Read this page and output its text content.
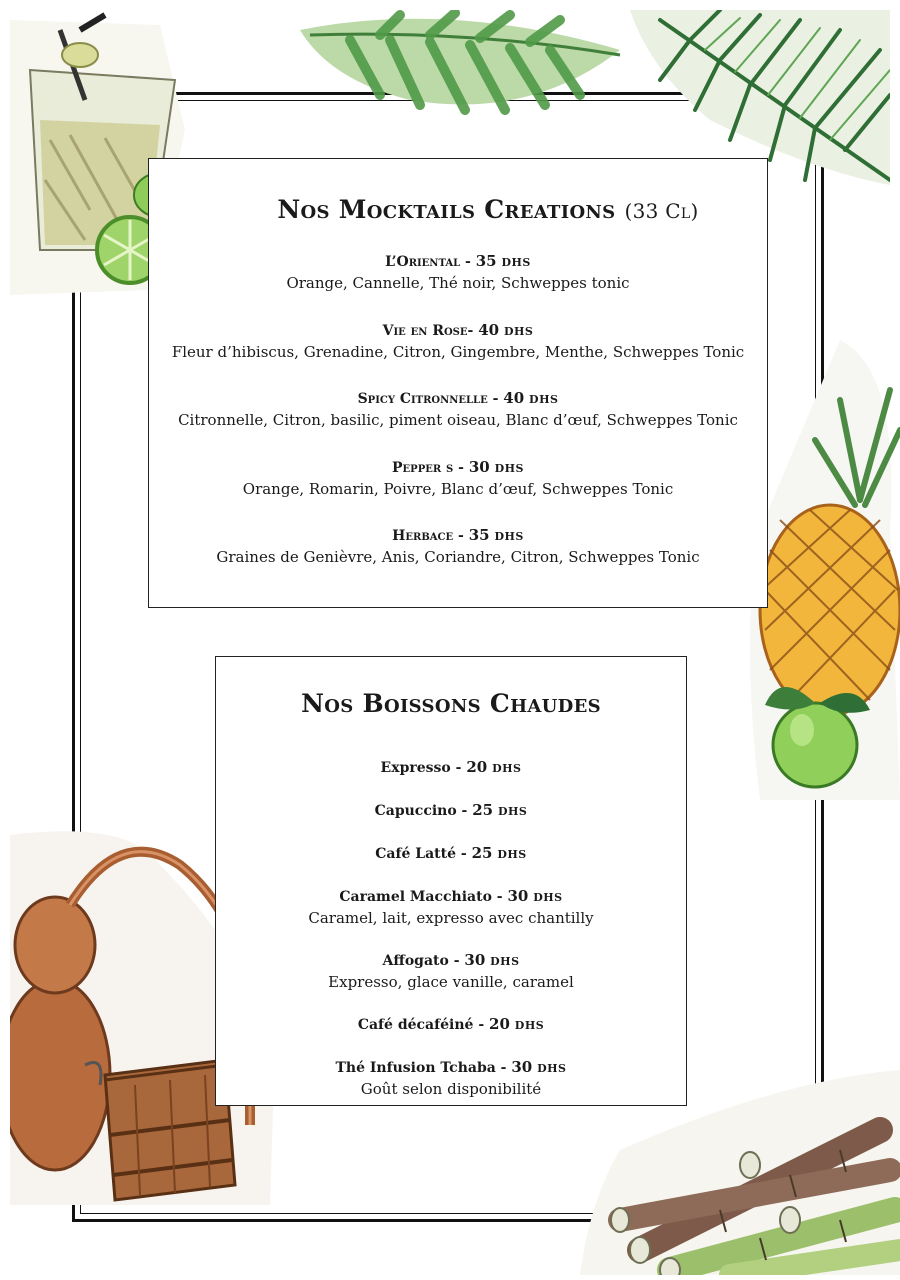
Nos Mocktails Creations (33 Cl)
L’Oriental - 35 DHS
Orange, Cannelle, Thé noir, Schweppes tonic
Vie en Rose- 40 DHS
Fleur d’hibiscus, Grenadine, Citron, Gingembre, Menthe, Schweppes Tonic
Spicy Citronnelle - 40 DHS
Citronnelle, Citron, basilic, piment oiseau, Blanc d’œuf, Schweppes Tonic
Pepper s - 30 DHS
Orange, Romarin, Poivre, Blanc d’œuf, Schweppes Tonic
Herbace - 35 DHS
Graines de Genièvre, Anis, Coriandre, Citron, Schweppes Tonic
Nos Boissons Chaudes
Expresso - 20 DHS
Capuccino - 25 DHS
Café Latté - 25 DHS
Caramel Macchiato - 30 DHS
Caramel, lait, expresso avec chantilly
Affogato - 30 DHS
Expresso, glace vanille, caramel
Café décaféiné - 20 DHS
Thé Infusion Tchaba - 30 DHS
Goût selon disponibilité
